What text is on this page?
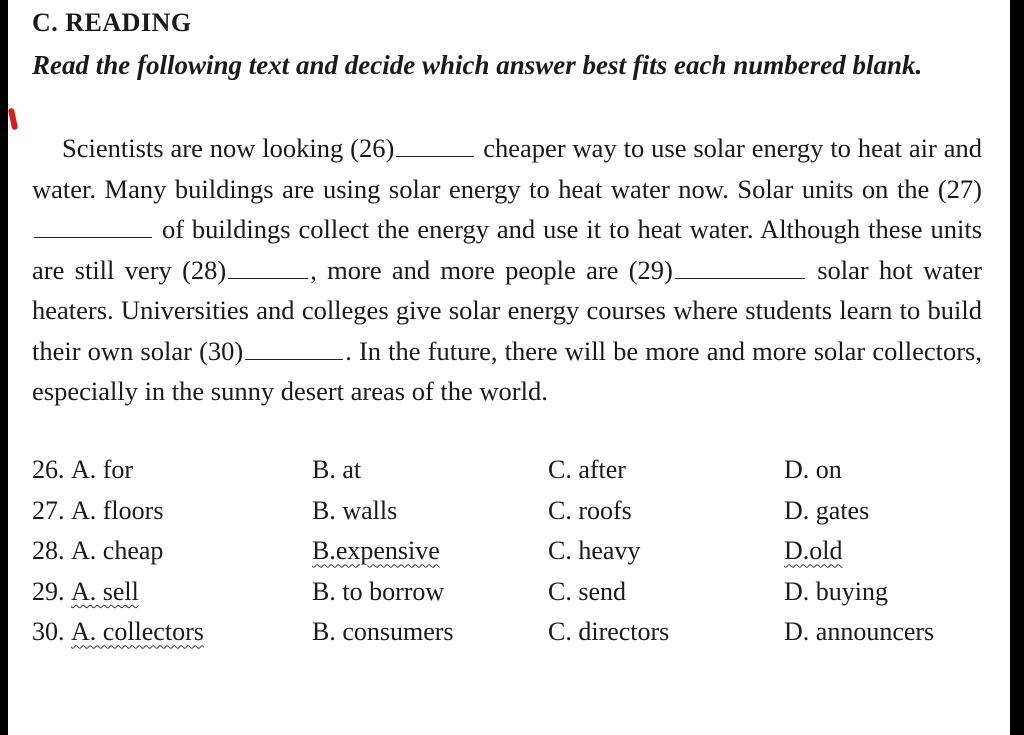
C. READING
Read the following text and decide which answer best fits each numbered blank.

Scientists are now looking (26)	cheaper way to use solar energy to heat air and water. Many buildings are using solar energy to heat water now. Solar units on the (27) of buildings collect the energy and use it to heat water. Although these units are still very (28)	, more and more people are (29)	solar hot water heaters. Universities and colleges give solar energy courses where students learn to build their own solar (30)	. In the future, there will be more and more solar collectors, especially in the sunny desert areas of the world.

26. A. for	B. at	C. after	D. on
27. A. floors	B. walls	C. roofs	D. gates
28. A. cheap	B.expensive	C. heavy	D.old
29. A. sell	B. to borrow	C. send	D. buying
30. A. collectors	B. consumers	C. directors	D. announcers
